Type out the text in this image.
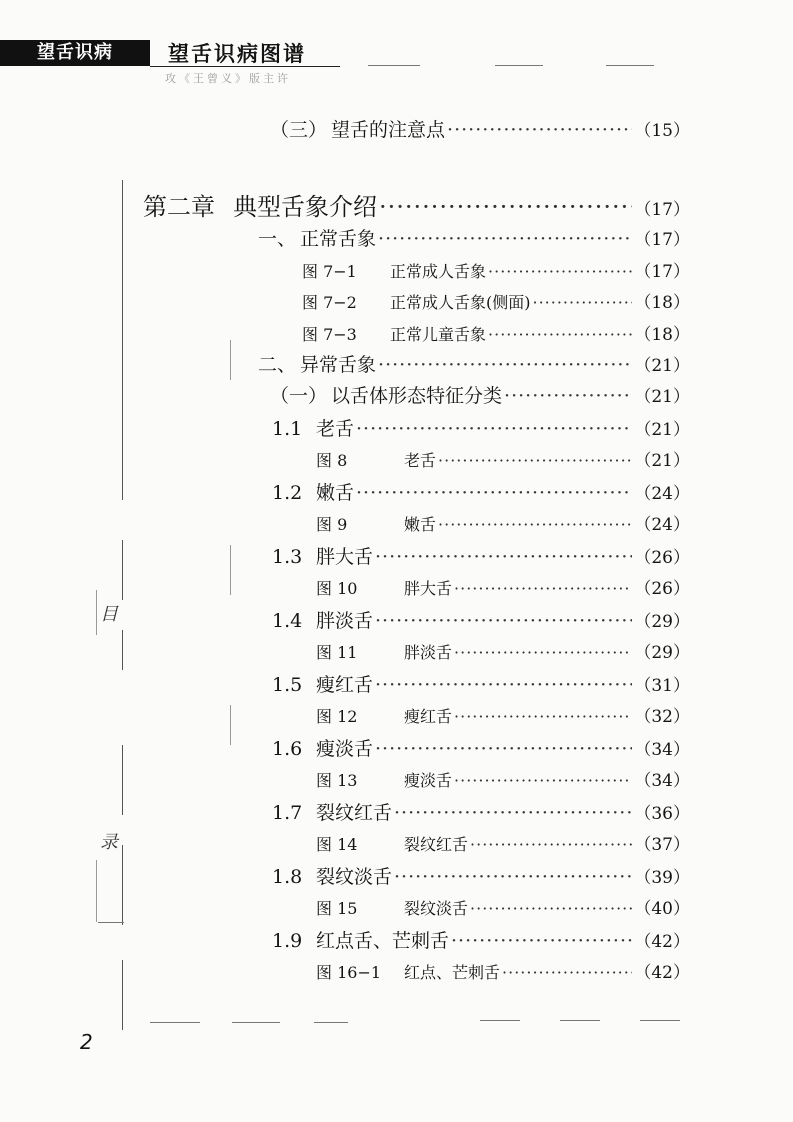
望舌识病	望舌识病图谱
攻《王曾义》版主许
目
录
（三） 望舌的注意点 ·····	（15）
第二章 典型舌象介绍 ·····	（17）
一、 正常舌象 ·····	（17）
图 7−1	正常成人舌象 ·····	（17）
图 7−2	正常成人舌象(侧面) ·····	（18）
图 7−3	正常儿童舌象 ·····	（18）
二、 异常舌象 ·····	（21）
（一） 以舌体形态特征分类 ·····	（21）
1.1 老舌 ·····	（21）
图 8	老舌 ·····	（21）
1.2 嫩舌 ·····	（24）
图 9	嫩舌 ·····	（24）
1.3 胖大舌 ·····	（26）
图 10	胖大舌 ·····	（26）
1.4 胖淡舌 ·····	（29）
图 11	胖淡舌 ·····	（29）
1.5 瘦红舌 ·····	（31）
图 12	瘦红舌 ·····	（32）
1.6 瘦淡舌 ·····	（34）
图 13	瘦淡舌 ·····	（34）
1.7 裂纹红舌 ·····	（36）
图 14	裂纹红舌 ·····	（37）
1.8 裂纹淡舌 ·····	（39）
图 15	裂纹淡舌 ·····	（40）
1.9 红点舌、芒刺舌 ·····	（42）
图 16−1	红点、芒刺舌 ·····	（42）
2
